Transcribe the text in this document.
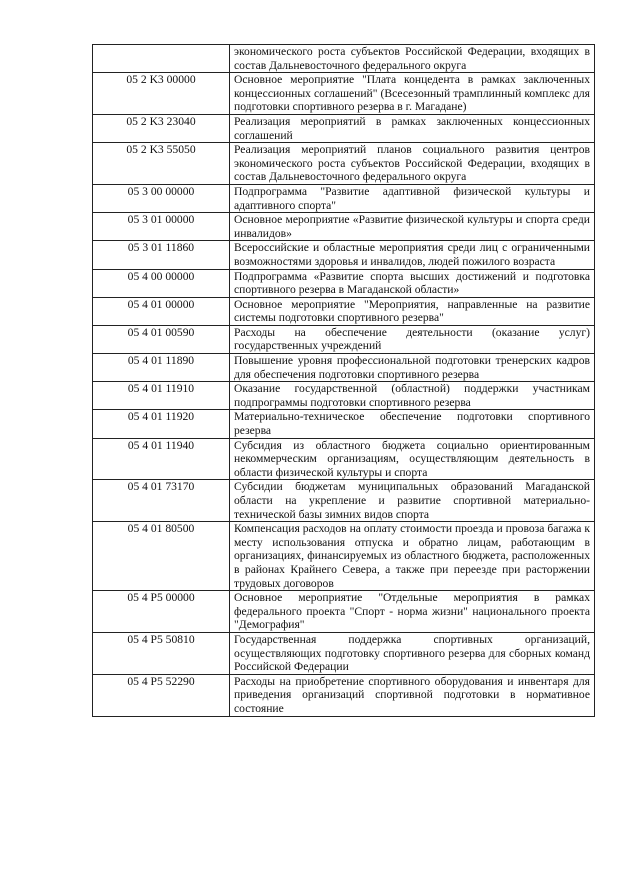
	экономического роста субъектов Российской Федерации, входящих в состав Дальневосточного федерального округа
05 2 K3 00000	Основное мероприятие "Плата концедента в рамках заключенных концессионных соглашений" (Всесезонный трамплинный комплекс для подготовки спортивного резерва в г. Магадане)
05 2 K3 23040	Реализация мероприятий в рамках заключенных концессионных соглашений
05 2 K3 55050	Реализация мероприятий планов социального развития центров экономического роста субъектов Российской Федерации, входящих в состав Дальневосточного федерального округа
05 3 00 00000	Подпрограмма "Развитие адаптивной физической культуры и адаптивного спорта"
05 3 01 00000	Основное мероприятие «Развитие физической культуры и спорта среди инвалидов»
05 3 01 11860	Всероссийские и областные мероприятия среди лиц с ограниченными возможностями здоровья и инвалидов, людей пожилого возраста
05 4 00 00000	Подпрограмма «Развитие спорта высших достижений и подготовка спортивного резерва в Магаданской области»
05 4 01 00000	Основное мероприятие "Мероприятия, направленные на развитие системы подготовки спортивного резерва"
05 4 01 00590	Расходы на обеспечение деятельности (оказание услуг) государственных учреждений
05 4 01 11890	Повышение уровня профессиональной подготовки тренерских кадров для обеспечения подготовки спортивного резерва
05 4 01 11910	Оказание государственной (областной) поддержки участникам подпрограммы подготовки спортивного резерва
05 4 01 11920	Материально-техническое обеспечение подготовки спортивного резерва
05 4 01 11940	Субсидия из областного бюджета социально ориентированным некоммерческим организациям, осуществляющим деятельность в области физической культуры и спорта
05 4 01 73170	Субсидии бюджетам муниципальных образований Магаданской области на укрепление и развитие спортивной материально-технической базы зимних видов спорта
05 4 01 80500	Компенсация расходов на оплату стоимости проезда и провоза багажа к месту использования отпуска и обратно лицам, работающим в организациях, финансируемых из областного бюджета, расположенных в районах Крайнего Севера, а также при переезде при расторжении трудовых договоров
05 4 P5 00000	Основное мероприятие "Отдельные мероприятия в рамках федерального проекта "Спорт - норма жизни" национального проекта "Демография"
05 4 P5 50810	Государственная поддержка спортивных организаций, осуществляющих подготовку спортивного резерва для сборных команд Российской Федерации
05 4 P5 52290	Расходы на приобретение спортивного оборудования и инвентаря для приведения организаций спортивной подготовки в нормативное состояние
